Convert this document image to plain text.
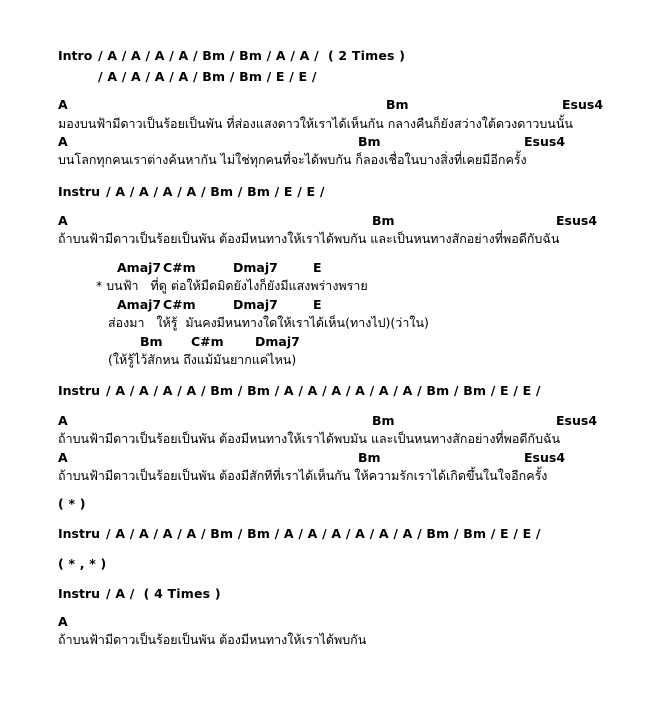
Intro / A / A / A / A / Bm / Bm / A / A /  ( 2 Times )
/ A / A / A / A / Bm / Bm / E / E /
A	Bm	Esus4
มองบนฟ้ามีดาวเป็นร้อยเป็นพัน ที่ส่องแสงดาวให้เราได้เห็นกัน กลางคืนก็ยังสว่างใต้ดวงดาวบนนั้น
A	Bm	Esus4
บนโลกทุกคนเราต่างค้นหากัน ไม่ใช่ทุกคนที่จะได้พบกัน ก็ลองเชื่อในบางสิ่งที่เคยมีอีกครั้ง
Instru / A / A / A / A / Bm / Bm / E / E /
A	Bm	Esus4
ถ้าบนฟ้ามีดาวเป็นร้อยเป็นพัน ต้องมีหนทางให้เราได้พบกัน และเป็นหนทางสักอย่างที่พอดีกับฉัน
Amaj7 C#m	Dmaj7	E
* บนฟ้า   ที่ดู ต่อให้มืดมิดยังไงก็ยังมีแสงพร่างพราย
Amaj7 C#m	Dmaj7	E
ส่องมา   ให้รู้  มันคงมีหนทางใดให้เราได้เห็น(ทางไป)(ว่าใน)
Bm C#m	Dmaj7
(ให้รู้ไว้สักหน ถึงแม้มันยากแค่ไหน)
Instru / A / A / A / A / Bm / Bm / A / A / A / A / A / A / Bm / Bm / E / E /
A	Bm	Esus4
ถ้าบนฟ้ามีดาวเป็นร้อยเป็นพัน ต้องมีหนทางให้เราได้พบมัน และเป็นหนทางสักอย่างที่พอดีกับฉัน
A	Bm	Esus4
ถ้าบนฟ้ามีดาวเป็นร้อยเป็นพัน ต้องมีสักทีที่เราได้เห็นกัน ให้ความรักเราได้เกิดขึ้นในใจอีกครั้ง
( * )
Instru / A / A / A / A / Bm / Bm / A / A / A / A / A / A / Bm / Bm / E / E /
( * , * )
Instru / A /  ( 4 Times )
A
ถ้าบนฟ้ามีดาวเป็นร้อยเป็นพัน ต้องมีหนทางให้เราได้พบกัน
